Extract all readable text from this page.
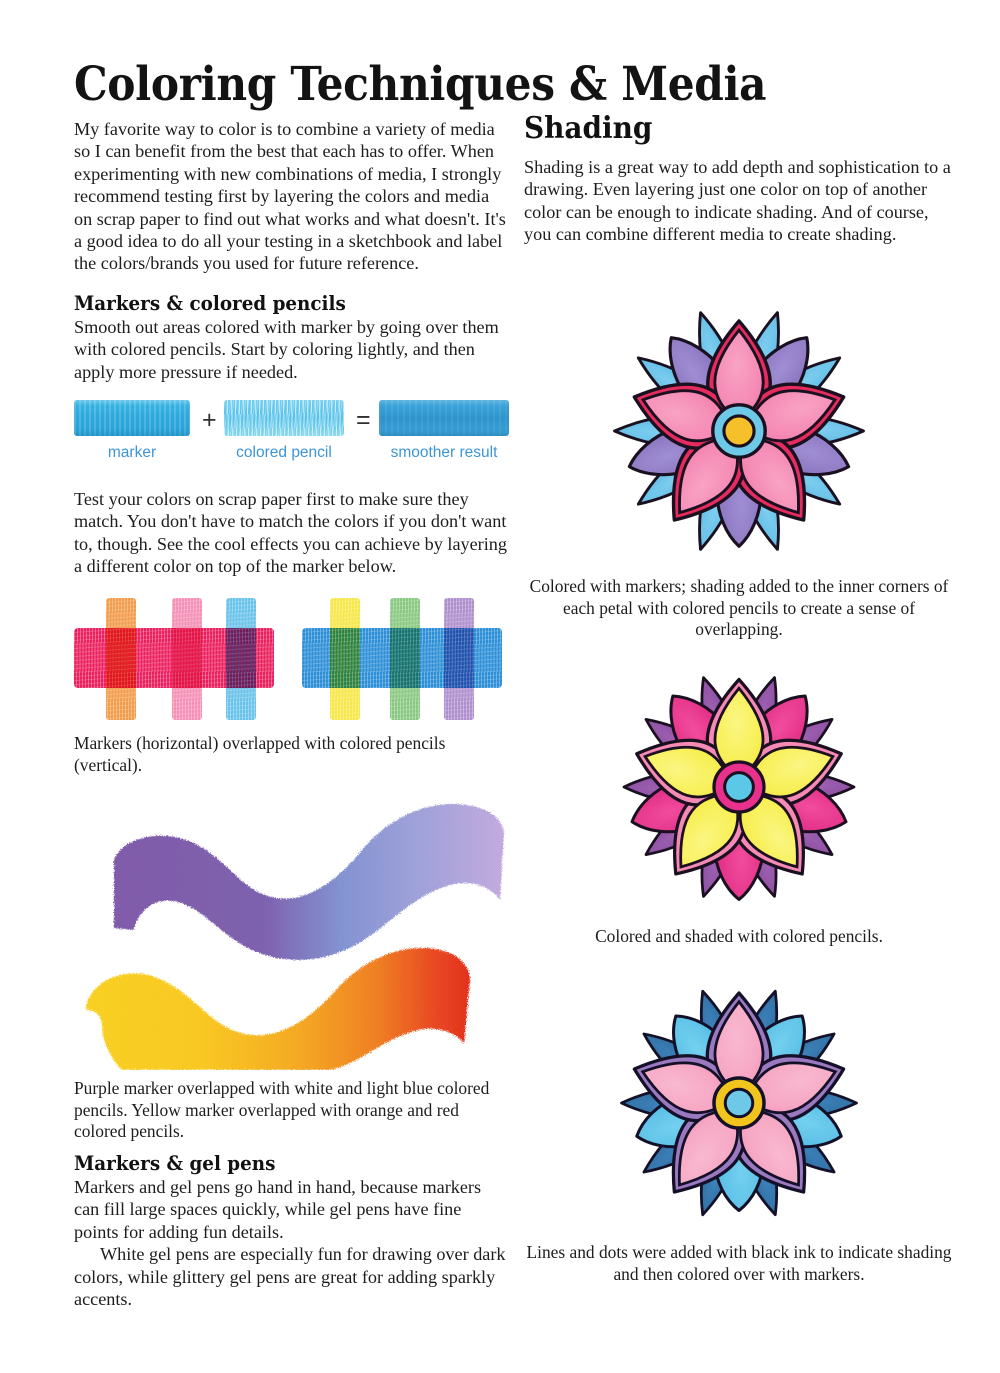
Coloring Techniques & Media

My favorite way to color is to combine a variety of media so I can benefit from the best that each has to offer. When experimenting with new combinations of media, I strongly recommend testing first by layering the colors and media on scrap paper to find out what works and what doesn't. It's a good idea to do all your testing in a sketchbook and label the colors/brands you used for future reference.

Markers & colored pencils

Smooth out areas colored with marker by going over them with colored pencils. Start by coloring lightly, and then apply more pressure if needed.

marker
+
colored pencil
=
smoother result

Test your colors on scrap paper first to make sure they match. You don't have to match the colors if you don't want to, though. See the cool effects you can achieve by layering a different color on top of the marker below.

Markers (horizontal) overlapped with colored pencils (vertical).

Purple marker overlapped with white and light blue colored pencils. Yellow marker overlapped with orange and red colored pencils.

Markers & gel pens

Markers and gel pens go hand in hand, because markers can fill large spaces quickly, while gel pens have fine points for adding fun details.

White gel pens are especially fun for drawing over dark colors, while glittery gel pens are great for adding sparkly accents.

Shading

Shading is a great way to add depth and sophistication to a drawing. Even layering just one color on top of another color can be enough to indicate shading. And of course, you can combine different media to create shading.

Colored with markers; shading added to the inner corners of each petal with colored pencils to create a sense of overlapping.

Colored and shaded with colored pencils.

Lines and dots were added with black ink to indicate shading and then colored over with markers.
